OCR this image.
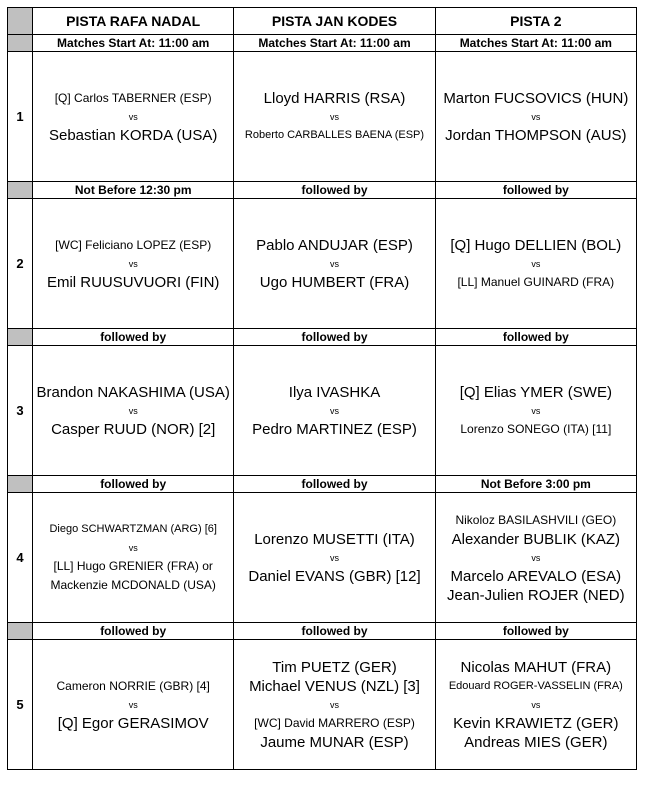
	PISTA RAFA NADAL	PISTA JAN KODES	PISTA 2
	Matches Start At: 11:00 am	Matches Start At: 11:00 am	Matches Start At: 11:00 am
1	[Q] Carlos TABERNER (ESP)
vs
Sebastian KORDA (USA)	Lloyd HARRIS (RSA)
vs
Roberto CARBALLES BAENA (ESP)	Marton FUCSOVICS (HUN)
vs
Jordan THOMPSON (AUS)

	Not Before 12:30 pm	followed by	followed by
2	[WC] Feliciano LOPEZ (ESP)
vs
Emil RUUSUVUORI (FIN)	Pablo ANDUJAR (ESP)
vs
Ugo HUMBERT (FRA)	[Q] Hugo DELLIEN (BOL)
vs
[LL] Manuel GUINARD (FRA)

	followed by	followed by	followed by
3	Brandon NAKASHIMA (USA)
vs
Casper RUUD (NOR) [2]	Ilya IVASHKA
vs
Pedro MARTINEZ (ESP)	[Q] Elias YMER (SWE)
vs
Lorenzo SONEGO (ITA) [11]

	followed by	followed by	Not Before 3:00 pm
4	Diego SCHWARTZMAN (ARG) [6]
vs
[LL] Hugo GRENIER (FRA) or
Mackenzie MCDONALD (USA)	Lorenzo MUSETTI (ITA)
vs
Daniel EVANS (GBR) [12]	Nikoloz BASILASHVILI (GEO)
Alexander BUBLIK (KAZ)
vs
Marcelo AREVALO (ESA)
Jean-Julien ROJER (NED)

	followed by	followed by	followed by
5	Cameron NORRIE (GBR) [4]
vs
[Q] Egor GERASIMOV	Tim PUETZ (GER)
Michael VENUS (NZL) [3]
vs
[WC] David MARRERO (ESP)
Jaume MUNAR (ESP)	Nicolas MAHUT (FRA)
Edouard ROGER-VASSELIN (FRA)
vs
Kevin KRAWIETZ (GER)
Andreas MIES (GER)
